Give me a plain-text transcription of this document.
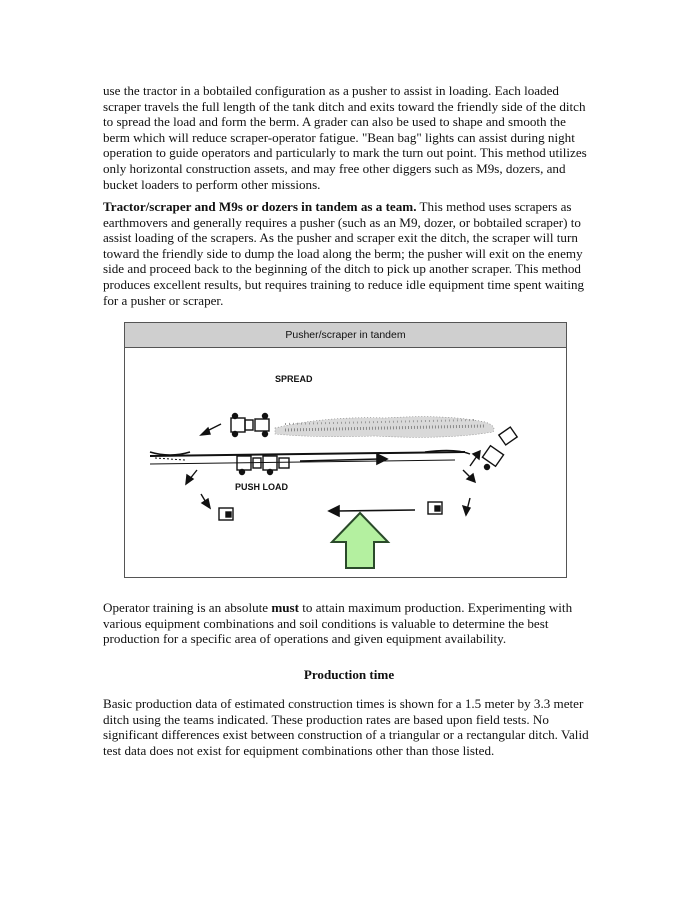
use the tractor in a bobtailed configuration as a pusher to assist in loading. Each loaded scraper travels the full length of the tank ditch and exits toward the friendly side of the ditch to spread the load and form the berm. A grader can also be used to shape and smooth the berm which will reduce scraper-operator fatigue. "Bean bag" lights can assist during night operation to guide operators and particularly to mark the turn out point. This method utilizes only horizontal construction assets, and may free other diggers such as M9s, dozers, and bucket loaders to perform other missions.

Tractor/scraper and M9s or dozers in tandem as a team. This method uses scrapers as earthmovers and generally requires a pusher (such as an M9, dozer, or bobtailed scraper) to assist loading of the scrapers. As the pusher and scraper exit the ditch, the scraper will turn toward the friendly side to dump the load along the berm; the pusher will exit on the enemy side and proceed back to the beginning of the ditch to pick up another scraper. This method produces excellent results, but requires training to reduce idle equipment time spent waiting for a pusher or scraper.

Pusher/scraper in tandem
SPREAD
PUSH LOAD

Operator training is an absolute must to attain maximum production. Experimenting with various equipment combinations and soil conditions is valuable to determine the best production for a specific area of operations and given equipment availability.

Production time

Basic production data of estimated construction times is shown for a 1.5 meter by 3.3 meter ditch using the teams indicated. These production rates are based upon field tests. No significant differences exist between construction of a triangular or a rectangular ditch. Valid test data does not exist for equipment combinations other than those listed.
